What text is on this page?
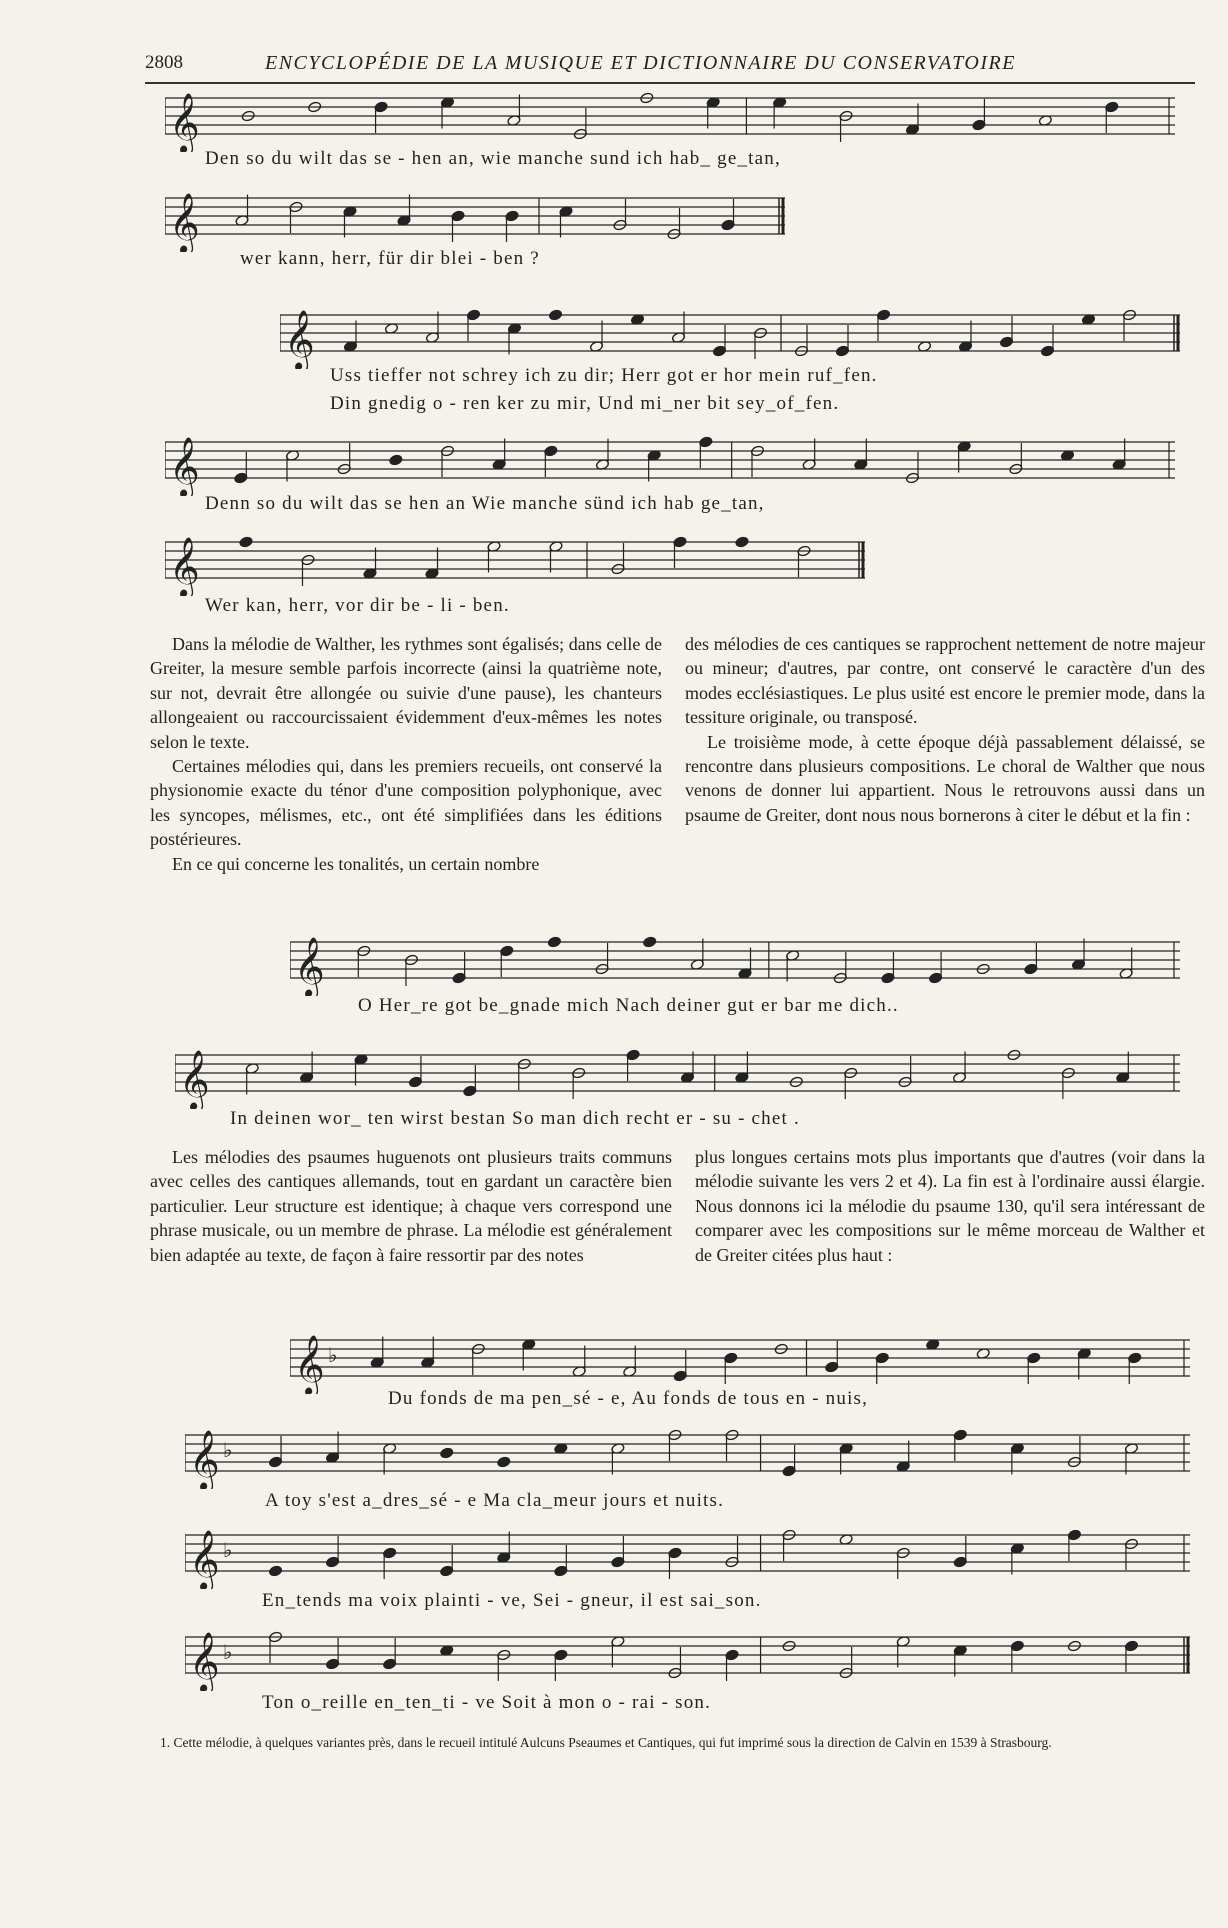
2808	ENCYCLOPÉDIE DE LA MUSIQUE ET DICTIONNAIRE DU CONSERVATOIRE
𝄞
Den so du wilt das se - hen an, wie manche sund ich hab_ ge_tan,
𝄞
wer kann, herr, für dir blei - ben ?
𝄞
Uss tieffer not schrey ich zu dir; Herr got er hor mein ruf_fen.
Din gnedig o - ren ker zu mir, Und mi_ner bit sey_of_fen.
𝄞
Denn so du wilt das se hen an Wie manche sünd ich hab ge_tan,
𝄞
Wer kan, herr, vor dir be - li - ben.

Dans la mélodie de Walther, les rythmes sont égalisés; dans celle de Greiter, la mesure semble parfois incorrecte (ainsi la quatrième note, sur not, devrait être allongée ou suivie d'une pause), les chanteurs allongeaient ou raccourcissaient évidemment d'eux-mêmes les notes selon le texte.

Certaines mélodies qui, dans les premiers recueils, ont conservé la physionomie exacte du ténor d'une composition polyphonique, avec les syncopes, mélismes, etc., ont été simplifiées dans les éditions postérieures.

En ce qui concerne les tonalités, un certain nombre

des mélodies de ces cantiques se rapprochent nettement de notre majeur ou mineur; d'autres, par contre, ont conservé le caractère d'un des modes ecclésiastiques. Le plus usité est encore le premier mode, dans la tessiture originale, ou transposé.

Le troisième mode, à cette époque déjà passablement délaissé, se rencontre dans plusieurs compositions. Le choral de Walther que nous venons de donner lui appartient. Nous le retrouvons aussi dans un psaume de Greiter, dont nous nous bornerons à citer le début et la fin :

𝄞
O Her_re got be_gnade mich Nach deiner gut er bar me dich..
𝄞
In deinen wor_ ten wirst bestan So man dich recht er - su - chet .

Les mélodies des psaumes huguenots ont plusieurs traits communs avec celles des cantiques allemands, tout en gardant un caractère bien particulier. Leur structure est identique; à chaque vers correspond une phrase musicale, ou un membre de phrase. La mélodie est généralement bien adaptée au texte, de façon à faire ressortir par des notes

plus longues certains mots plus importants que d'autres (voir dans la mélodie suivante les vers 2 et 4). La fin est à l'ordinaire aussi élargie. Nous donnons ici la mélodie du psaume 130, qu'il sera intéressant de comparer avec les compositions sur le même morceau de Walther et de Greiter citées plus haut :

𝄞 ♭
Du fonds de ma pen_sé - e, Au fonds de tous en - nuis,
𝄞 ♭
A toy s'est a_dres_sé - e Ma cla_meur jours et nuits.
𝄞 ♭
En_tends ma voix plainti - ve, Sei - gneur, il est sai_son.
𝄞 ♭
Ton o_reille en_ten_ti - ve Soit à mon o - rai - son.
1. Cette mélodie, à quelques variantes près, dans le recueil intitulé Aulcuns Pseaumes et Cantiques, qui fut imprimé sous la direction de Calvin en 1539 à Strasbourg.
